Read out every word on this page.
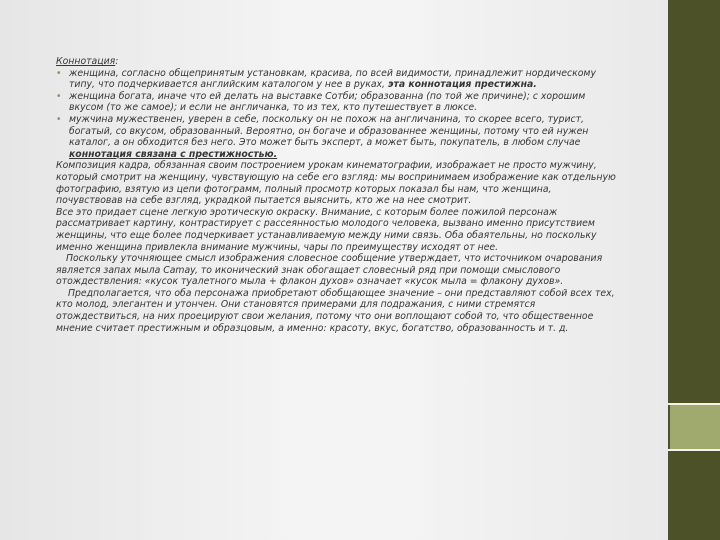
Коннотация:

• женщина, согласно общепринятым установкам, красива, по всей видимости, принадлежит нордическому типу, что подчеркивается английским каталогом у нее в руках, эта коннотация престижна.
• женщина богата, иначе что ей делать на выставке Сотби; образованна (по той же причине); с хорошим вкусом (то же самое); и если не англичанка, то из тех, кто путешествует в люксе.
• мужчина мужественен, уверен в себе, поскольку он не похож на англичанина, то скорее всего, турист, богатый, со вкусом, образованный. Вероятно, он богаче и образованнее женщины, потому что ей нужен каталог, а он обходится без него. Это может быть эксперт, а может быть, покупатель, в любом случае коннотация связана с престижностью.

Композиция кадра, обязанная своим построением урокам кинематографии, изображает не просто мужчину, который смотрит на женщину, чувствующую на себе его взгляд: мы воспринимаем изображение как отдельную фотографию, взятую из цепи фотограмм, полный просмотр которых показал бы нам, что женщина, почувствовав на себе взгляд, украдкой пытается выяснить, кто же на нее смотрит.

Все это придает сцене легкую эротическую окраску. Внимание, с которым более пожилой персонаж рассматривает картину, контрастирует с рассеянностью молодого человека, вызвано именно присутствием женщины, что еще более подчеркивает устанавливаемую между ними связь. Оба обаятельны, но поскольку именно женщина привлекла внимание мужчины, чары по преимуществу исходят от нее.

Поскольку уточняющее смысл изображения словесное сообщение утверждает, что источником очарования является запах мыла Camay, то иконический знак обогащает словесный ряд при помощи смыслового отождествления: «кусок туалетного мыла + флакон духов» означает «кусок мыла = флакону духов».

Предполагается, что оба персонажа приобретают обобщающее значение – они представляют собой всех тех, кто молод, элегантен и утончен. Они становятся примерами для подражания, с ними стремятся отождествиться, на них проецируют свои желания, потому что они воплощают собой то, что общественное мнение считает престижным и образцовым, а именно: красоту, вкус, богатство, образованность и т. д.
